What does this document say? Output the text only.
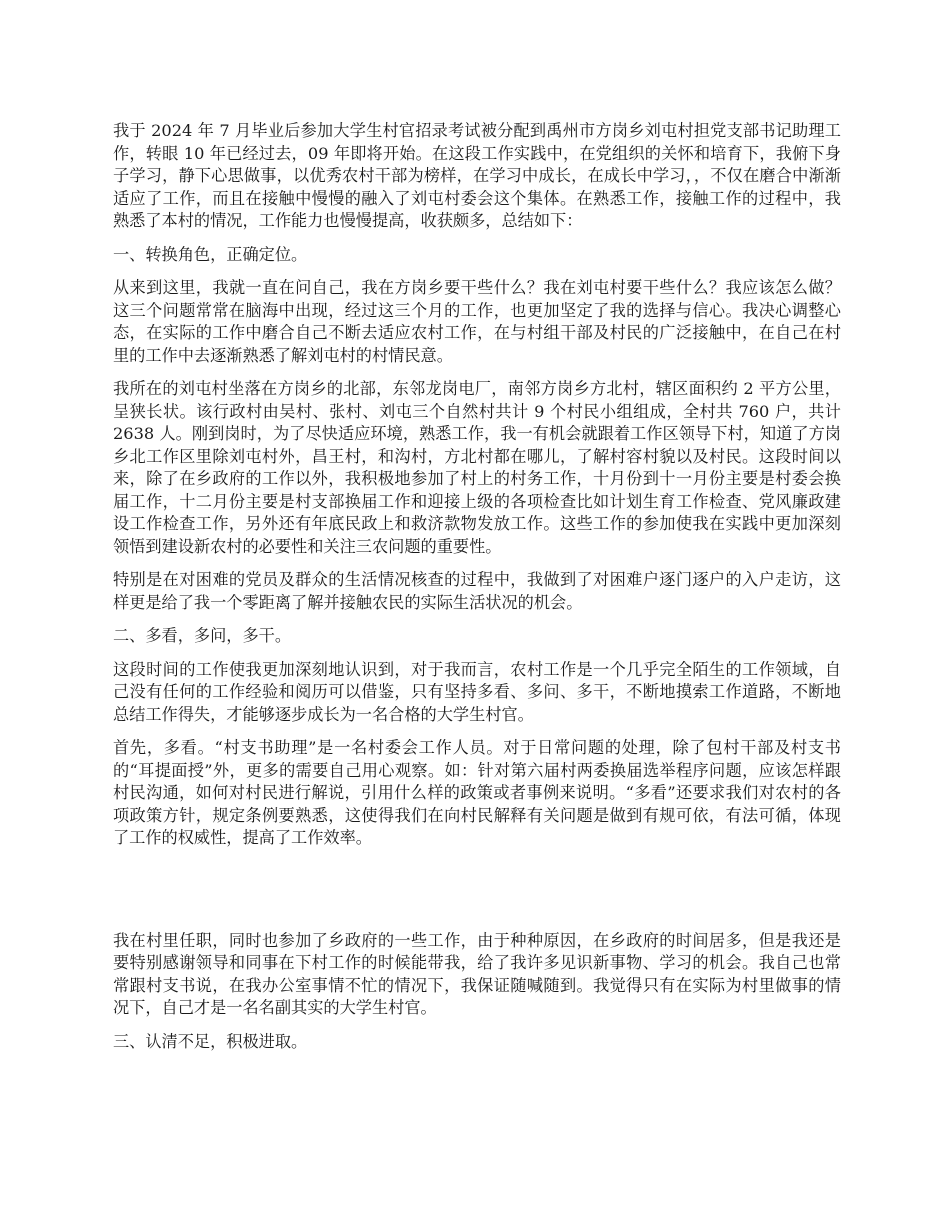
我于 2024 年 7 月毕业后参加大学生村官招录考试被分配到禹州市方岗乡刘屯村担党支部书记助理工作，转眼 10 年已经过去，09 年即将开始。在这段工作实践中，在党组织的关怀和培育下，我俯下身子学习，静下心思做事，以优秀农村干部为榜样，在学习中成长，在成长中学习，，不仅在磨合中渐渐适应了工作，而且在接触中慢慢的融入了刘屯村委会这个集体。在熟悉工作，接触工作的过程中，我熟悉了本村的情况，工作能力也慢慢提高，收获颇多，总结如下：

一、转换角色，正确定位。

从来到这里，我就一直在问自己，我在方岗乡要干些什么？我在刘屯村要干些什么？我应该怎么做？这三个问题常常在脑海中出现，经过这三个月的工作，也更加坚定了我的选择与信心。我决心调整心态，在实际的工作中磨合自己不断去适应农村工作，在与村组干部及村民的广泛接触中，在自己在村里的工作中去逐渐熟悉了解刘屯村的村情民意。

我所在的刘屯村坐落在方岗乡的北部，东邻龙岗电厂，南邻方岗乡方北村，辖区面积约 2 平方公里，呈狭长状。该行政村由吴村、张村、刘屯三个自然村共计 9 个村民小组组成，全村共 760 户，共计 2638 人。刚到岗时，为了尽快适应环境，熟悉工作，我一有机会就跟着工作区领导下村，知道了方岗乡北工作区里除刘屯村外，昌王村，和沟村，方北村都在哪儿，了解村容村貌以及村民。这段时间以来，除了在乡政府的工作以外，我积极地参加了村上的村务工作，十月份到十一月份主要是村委会换届工作，十二月份主要是村支部换届工作和迎接上级的各项检查比如计划生育工作检查、党风廉政建设工作检查工作，另外还有年底民政上和救济款物发放工作。这些工作的参加使我在实践中更加深刻领悟到建设新农村的必要性和关注三农问题的重要性。

特别是在对困难的党员及群众的生活情况核查的过程中，我做到了对困难户逐门逐户的入户走访，这样更是给了我一个零距离了解并接触农民的实际生活状况的机会。

二、多看，多问，多干。

这段时间的工作使我更加深刻地认识到，对于我而言，农村工作是一个几乎完全陌生的工作领域，自己没有任何的工作经验和阅历可以借鉴，只有坚持多看、多问、多干，不断地摸索工作道路，不断地总结工作得失，才能够逐步成长为一名合格的大学生村官。

首先，多看。“村支书助理”是一名村委会工作人员。对于日常问题的处理，除了包村干部及村支书的“耳提面授”外，更多的需要自己用心观察。如：针对第六届村两委换届选举程序问题，应该怎样跟村民沟通，如何对村民进行解说，引用什么样的政策或者事例来说明。“多看”还要求我们对农村的各项政策方针，规定条例要熟悉，这使得我们在向村民解释有关问题是做到有规可依，有法可循，体现了工作的权威性，提高了工作效率。

我在村里任职，同时也参加了乡政府的一些工作，由于种种原因，在乡政府的时间居多，但是我还是要特别感谢领导和同事在下村工作的时候能带我，给了我许多见识新事物、学习的机会。我自己也常常跟村支书说，在我办公室事情不忙的情况下，我保证随喊随到。我觉得只有在实际为村里做事的情况下，自己才是一名名副其实的大学生村官。

三、认清不足，积极进取。
